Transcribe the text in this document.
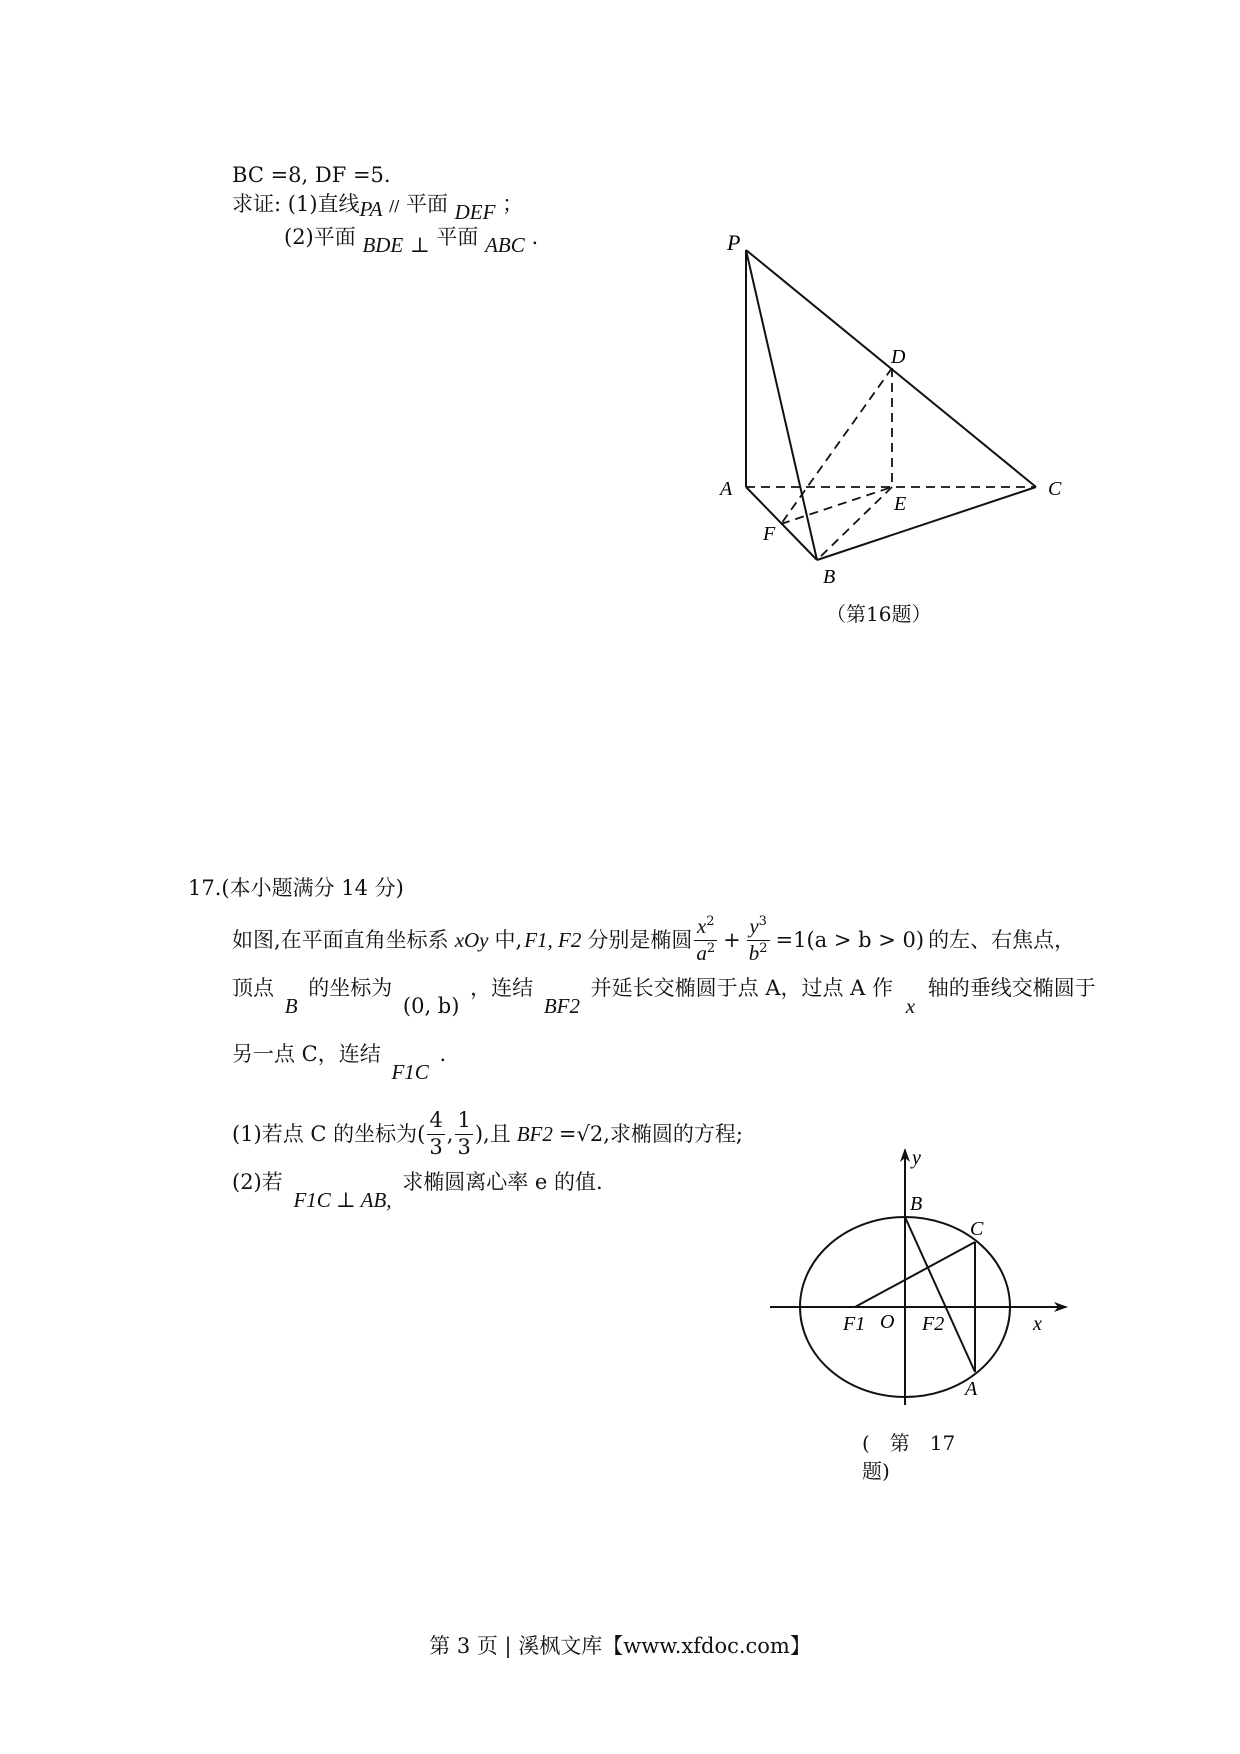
BC =8, DF =5.
求证: (1)直线PA // 平面 DEF ；
(2)平面 BDE ⊥ 平面 ABC .	P
D
A
E
C
F
B
（第16题）
17.(本小题满分 14 分)
如图,在平面直角坐标系 xOy 中, F1, F2 分别是椭圆 $\frac{x^2}{a^2} + \frac{y^3}{b^2} =1(a > b > 0)$ 的左、右焦点，
顶点 B 的坐标为 (0, b) ，连结 BF2 并延长交椭圆于点 A，过点 A 作 x 轴的垂线交椭圆于
另一点 C，连结 F1C .
(1)若点 C 的坐标为 ( $\frac{4}{3}$ , $\frac{1}{3}$ ) ,且 BF2 =√2 ,求椭圆的方程;
(2)若 F1C ⊥ AB, 求椭圆离心率 e 的值.
y
x
B
C
O
F1	F2
A
(　第　17
题)
第 3 页 | 溪枫文库【www.xfdoc.com】
